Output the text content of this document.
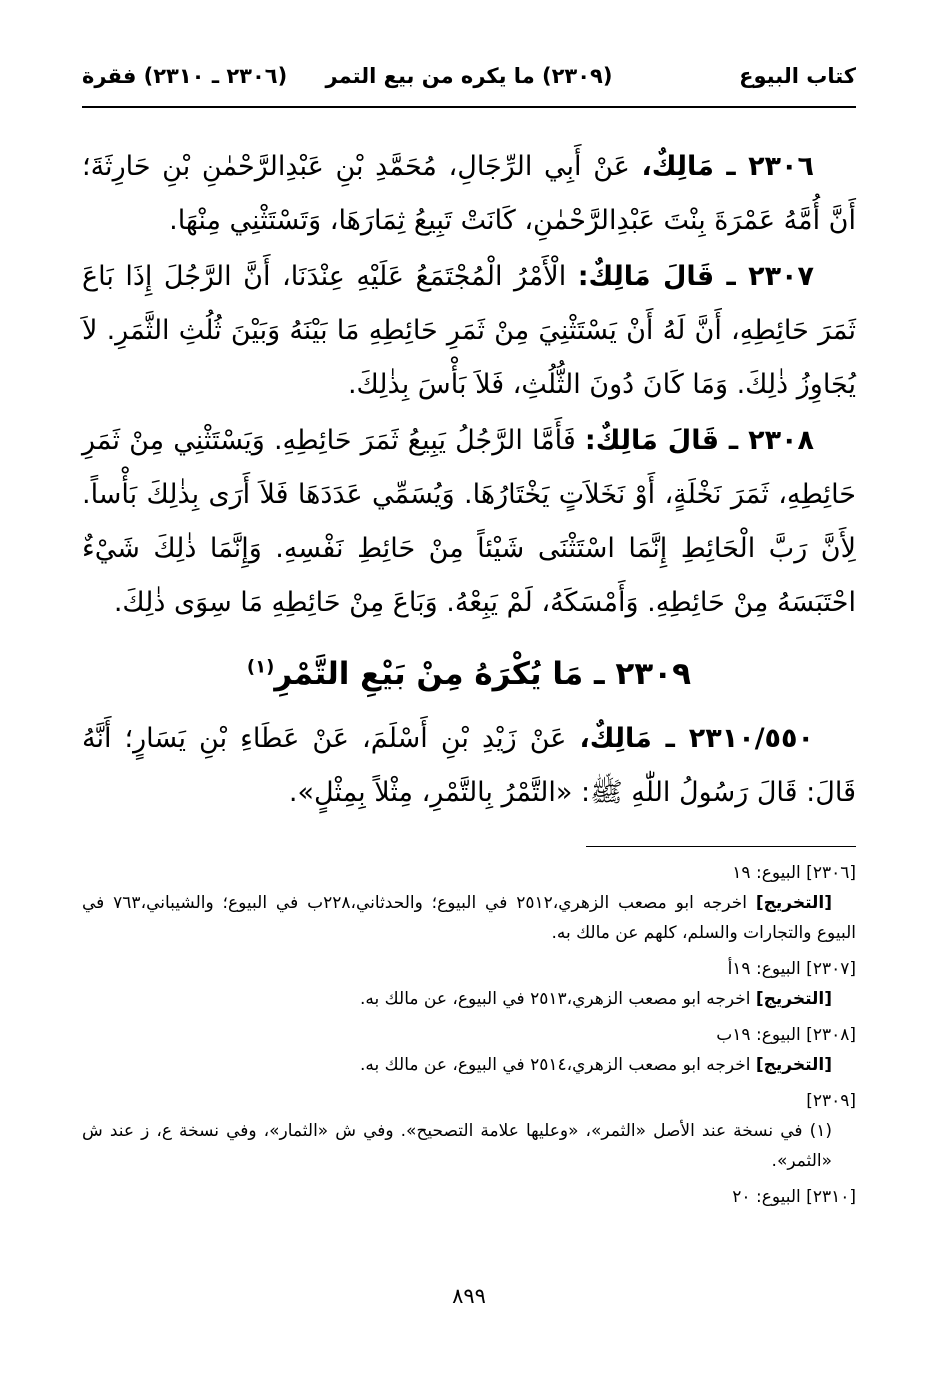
كتاب البيوع
(٢٣٠٩) ما يكره من بيع التمر
(٢٣٠٦ ـ ٢٣١٠) فقرة

٢٣٠٦ ـ مَالِكٌ، عَنْ أَبِي الرِّجَالِ، مُحَمَّدِ بْنِ عَبْدِالرَّحْمٰنِ بْنِ حَارِثَةَ؛ أَنَّ أُمَّهُ عَمْرَةَ بِنْتَ عَبْدِالرَّحْمٰنِ، كَانَتْ تَبِيعُ ثِمَارَهَا، وَتَسْتَثْنِي مِنْهَا.

٢٣٠٧ ـ قَالَ مَالِكٌ: الْأَمْرُ الْمُجْتَمَعُ عَلَيْهِ عِنْدَنَا، أَنَّ الرَّجُلَ إِذَا بَاعَ ثَمَرَ حَائِطِهِ، أَنَّ لَهُ أَنْ يَسْتَثْنِيَ مِنْ ثَمَرِ حَائِطِهِ مَا بَيْنَهُ وَبَيْنَ ثُلُثِ الثَّمَرِ. لاَ يُجَاوِزُ ذٰلِكَ. وَمَا كَانَ دُونَ الثُّلُثِ، فَلاَ بَأْسَ بِذٰلِكَ.

٢٣٠٨ ـ قَالَ مَالِكٌ: فَأَمَّا الرَّجُلُ يَبِيعُ ثَمَرَ حَائِطِهِ. وَيَسْتَثْنِي مِنْ ثَمَرِ حَائِطِهِ، ثَمَرَ نَخْلَةٍ، أَوْ نَخَلاَتٍ يَخْتَارُهَا. وَيُسَمِّي عَدَدَهَا فَلاَ أَرَى بِذٰلِكَ بَأْساً. لِأَنَّ رَبَّ الْحَائِطِ إِنَّمَا اسْتَثْنَى شَيْئاً مِنْ حَائِطِ نَفْسِهِ. وَإِنَّمَا ذٰلِكَ شَيْءٌ احْتَبَسَهُ مِنْ حَائِطِهِ. وَأَمْسَكَهُ، لَمْ يَبِعْهُ. وَبَاعَ مِنْ حَائِطِهِ مَا سِوَى ذٰلِكَ.

٢٣٠٩ ـ مَا يُكْرَهُ مِنْ بَيْعِ التَّمْرِ$^{(١)}$

٢٣١٠/٥٥٠ ـ مَالِكٌ، عَنْ زَيْدِ بْنِ أَسْلَمَ، عَنْ عَطَاءِ بْنِ يَسَارٍ؛ أَنَّهُ قَالَ: قَالَ رَسُولُ اللّٰهِ ﷺ: «التَّمْرُ بِالتَّمْرِ، مِثْلاً بِمِثْلٍ».

[٢٣٠٦] البيوع: ١٩
[التخريج] اخرجه ابو مصعب الزهري،٢٥١٢ في البيوع؛ والحدثاني،٢٢٨ب في البيوع؛ والشيباني،٧٦٣ في البيوع والتجارات والسلم، كلهم عن مالك به.
[٢٣٠٧] البيوع: ١٩أ
[التخريج] اخرجه ابو مصعب الزهري،٢٥١٣ في البيوع، عن مالك به.
[٢٣٠٨] البيوع: ١٩ب
[التخريج] اخرجه ابو مصعب الزهري،٢٥١٤ في البيوع، عن مالك به.
[٢٣٠٩]
(١) في نسخة عند الأصل «الثمر»، «وعليها علامة التصحيح». وفي ش «الثمار»، وفي نسخة ع، ز عند ش «الثمر».
[٢٣١٠] البيوع: ٢٠
٨٩٩
